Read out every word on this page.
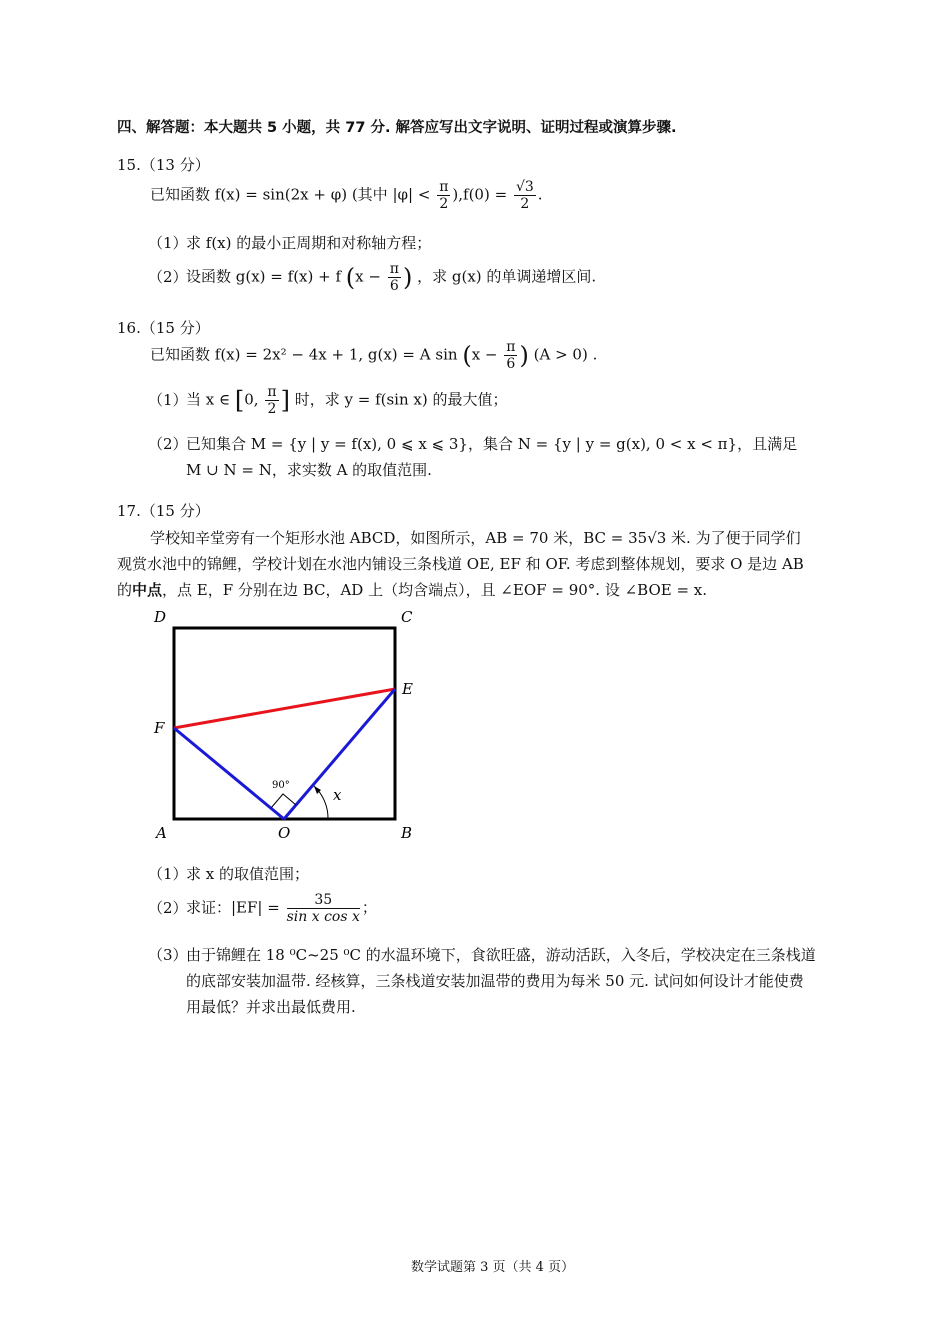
四、解答题：本大题共 5 小题，共 77 分. 解答应写出文字说明、证明过程或演算步骤.
15.（13 分）
已知函数 f(x) = sin(2x + φ) (其中 $|\varphi| < \frac{\pi}{2} ),f(0) = \frac{√3}{2}$ .
（1）求 f(x) 的最小正周期和对称轴方程；
（2）设函数 g(x) = f(x) + f ($x - \frac{\pi}{6}$ ) ，求 g(x) 的单调递增区间.
16.（15 分）
已知函数 f(x) = 2x² − 4x + 1, g(x) = A $\sin (x - \frac{\pi}{6}$ ) (A > 0) .
（1）当 x ∈ [0, $\frac{\pi}{2}$ ] 时，求 y = f(sin x) 的最大值；
（2）已知集合 M = {y | y = f(x), 0 ⩽ x ⩽ 3}，集合 N = {y | y = g(x), 0 < x < π}，且满足
M ∪ N = N，求实数 A 的取值范围.
17.（15 分）
学校知辛堂旁有一个矩形水池 ABCD，如图所示，AB = 70 米，BC = 35√3 米. 为了便于同学们
观赏水池中的锦鲤，学校计划在水池内铺设三条栈道 OE, EF 和 OF. 考虑到整体规划，要求 O 是边 AB
的中点，点 E，F 分别在边 BC，AD 上（均含端点），且 ∠EOF = 90°. 设 ∠BOE = x.
90°
x
D	C
E
F
A	O	B
（1）求 x 的取值范围；
（2）求证：$|EF| = \frac{35}{\text{sin x cos x}}$ ；
（3）由于锦鲤在 18 ⁰C~25 ⁰C 的水温环境下，食欲旺盛，游动活跃，入冬后，学校决定在三条栈道
的底部安装加温带. 经核算，三条栈道安装加温带的费用为每米 50 元. 试问如何设计才能使费
用最低？并求出最低费用.
数学试题第 3 页（共 4 页）
